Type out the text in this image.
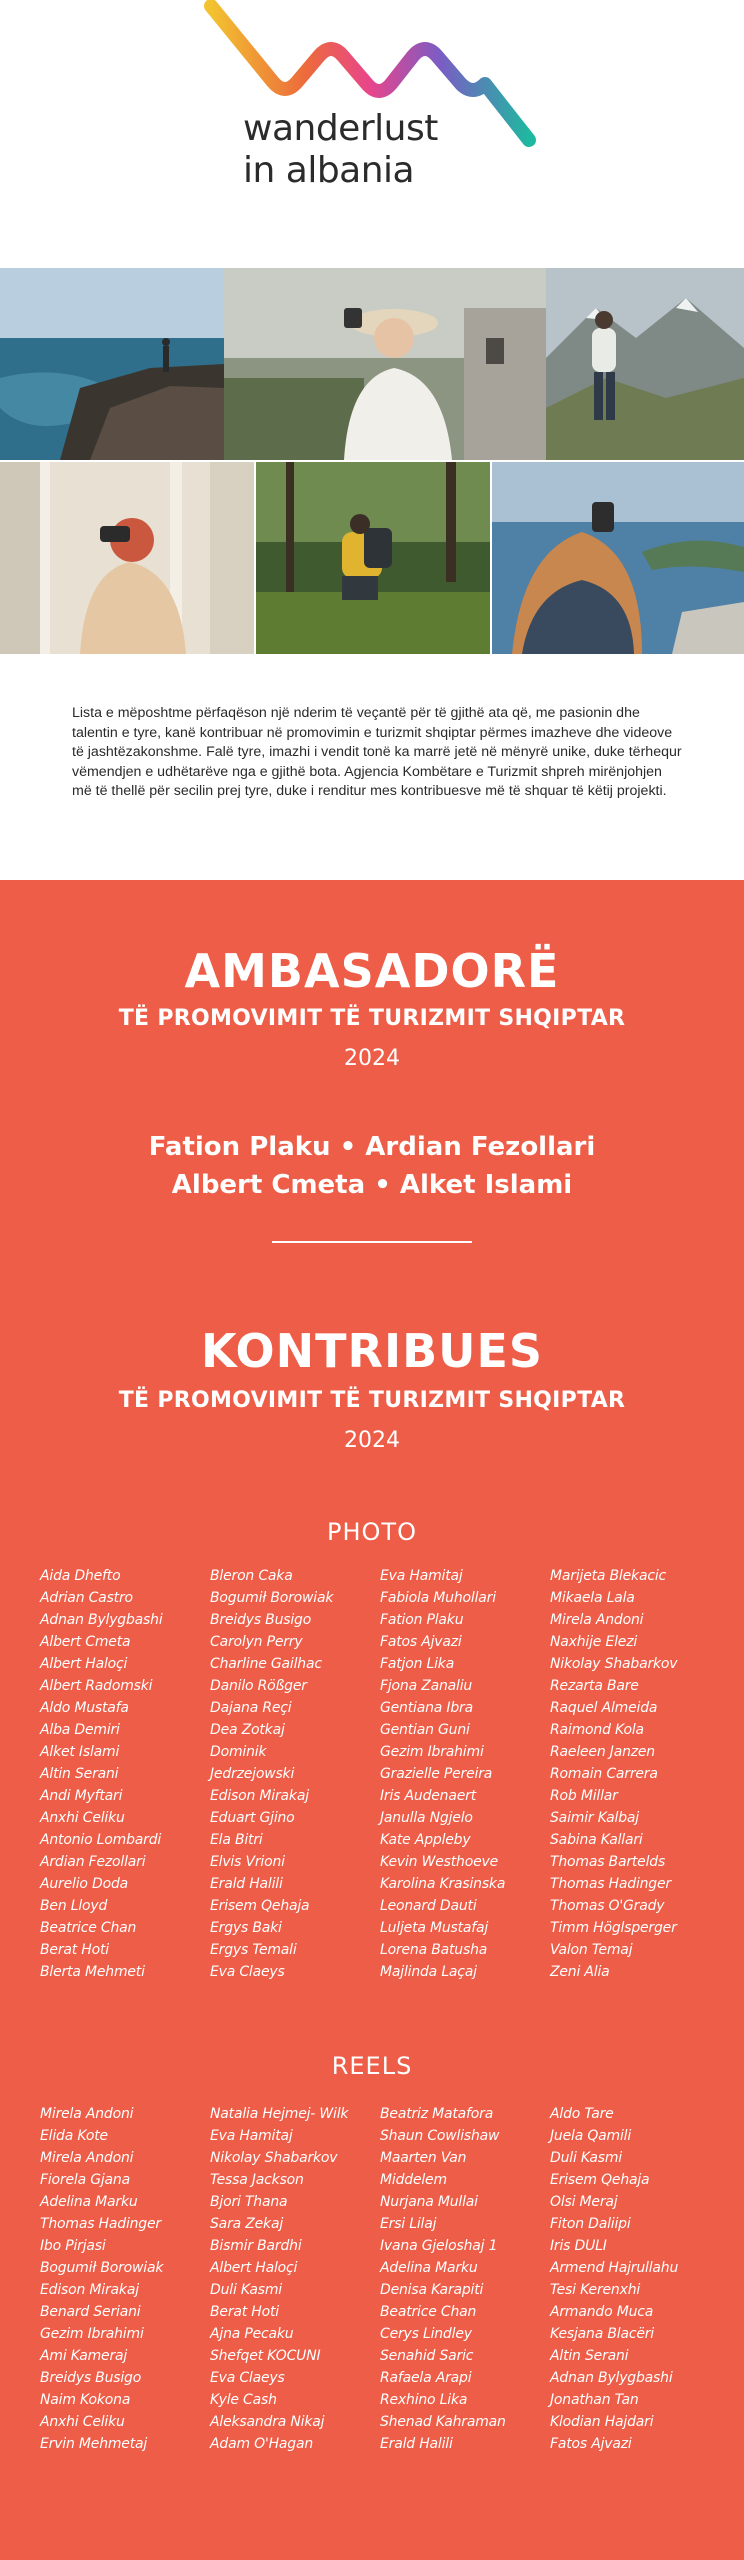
wanderlust
in albania

Lista e mëposhtme përfaqëson një nderim të veçantë për të gjithë ata që, me pasionin dhe talentin e tyre, kanë kontribuar në promovimin e turizmit shqiptar përmes imazheve dhe videove të jashtëzakonshme. Falë tyre, imazhi i vendit tonë ka marrë jetë në mënyrë unike, duke tërhequr vëmendjen e udhëtarëve nga e gjithë bota. Agjencia Kombëtare e Turizmit shpreh mirënjohjen më të thellë për secilin prej tyre, duke i renditur mes kontribuesve më të shquar të këtij projekti.

AMBASADORË
TË PROMOVIMIT TË TURIZMIT SHQIPTAR
2024
Fation Plaku • Ardian Fezollari
Albert Cmeta • Alket Islami
KONTRIBUES
TË PROMOVIMIT TË TURIZMIT SHQIPTAR
2024
PHOTO
Aida Dhefto
Adrian Castro
Adnan Bylygbashi
Albert Cmeta
Albert Haloçi
Albert Radomski
Aldo Mustafa
Alba Demiri
Alket Islami
Altin Serani
Andi Myftari
Anxhi Celiku
Antonio Lombardi
Ardian Fezollari
Aurelio Doda
Ben Lloyd
Beatrice Chan
Berat Hoti
Blerta Mehmeti
Bleron Caka
Bogumił Borowiak
Breidys Busigo
Carolyn Perry
Charline Gailhac
Danilo Rößger
Dajana Reçi
Dea Zotkaj
Dominik
Jedrzejowski
Edison Mirakaj
Eduart Gjino
Ela Bitri
Elvis Vrioni
Erald Halili
Erisem Qehaja
Ergys Baki
Ergys Temali
Eva Claeys
Eva Hamitaj
Fabiola Muhollari
Fation Plaku
Fatos Ajvazi
Fatjon Lika
Fjona Zanaliu
Gentiana Ibra
Gentian Guni
Gezim Ibrahimi
Grazielle Pereira
Iris Audenaert
Janulla Ngjelo
Kate Appleby
Kevin Westhoeve
Karolina Krasinska
Leonard Dauti
Luljeta Mustafaj
Lorena Batusha
Majlinda Laçaj
Marijeta Blekacic
Mikaela Lala
Mirela Andoni
Naxhije Elezi
Nikolay Shabarkov
Rezarta Bare
Raquel Almeida
Raimond Kola
Raeleen Janzen
Romain Carrera
Rob Millar
Saimir Kalbaj
Sabina Kallari
Thomas Bartelds
Thomas Hadinger
Thomas O'Grady
Timm Höglsperger
Valon Temaj
Zeni Alia
REELS
Mirela Andoni
Elida Kote
Mirela Andoni
Fiorela Gjana
Adelina Marku
Thomas Hadinger
Ibo Pirjasi
Bogumił Borowiak
Edison Mirakaj
Benard Seriani
Gezim Ibrahimi
Ami Kameraj
Breidys Busigo
Naim Kokona
Anxhi Celiku
Ervin Mehmetaj
Natalia Hejmej- Wilk
Eva Hamitaj
Nikolay Shabarkov
Tessa Jackson
Bjori Thana
Sara Zekaj
Bismir Bardhi
Albert Haloçi
Duli Kasmi
Berat Hoti
Ajna Pecaku
Shefqet KOCUNI
Eva Claeys
Kyle Cash
Aleksandra Nikaj
Adam O'Hagan
Beatriz Matafora
Shaun Cowlishaw
Maarten Van
Middelem
Nurjana Mullai
Ersi Lilaj
Ivana Gjeloshaj 1
Adelina Marku
Denisa Karapiti
Beatrice Chan
Cerys Lindley
Senahid Saric
Rafaela Arapi
Rexhino Lika
Shenad Kahraman
Erald Halili
Aldo Tare
Juela Qamili
Duli Kasmi
Erisem Qehaja
Olsi Meraj
Fiton Daliipi
Iris DULI
Armend Hajrullahu
Tesi Kerenxhi
Armando Muca
Kesjana Blacëri
Altin Serani
Adnan Bylygbashi
Jonathan Tan
Klodian Hajdari
Fatos Ajvazi
